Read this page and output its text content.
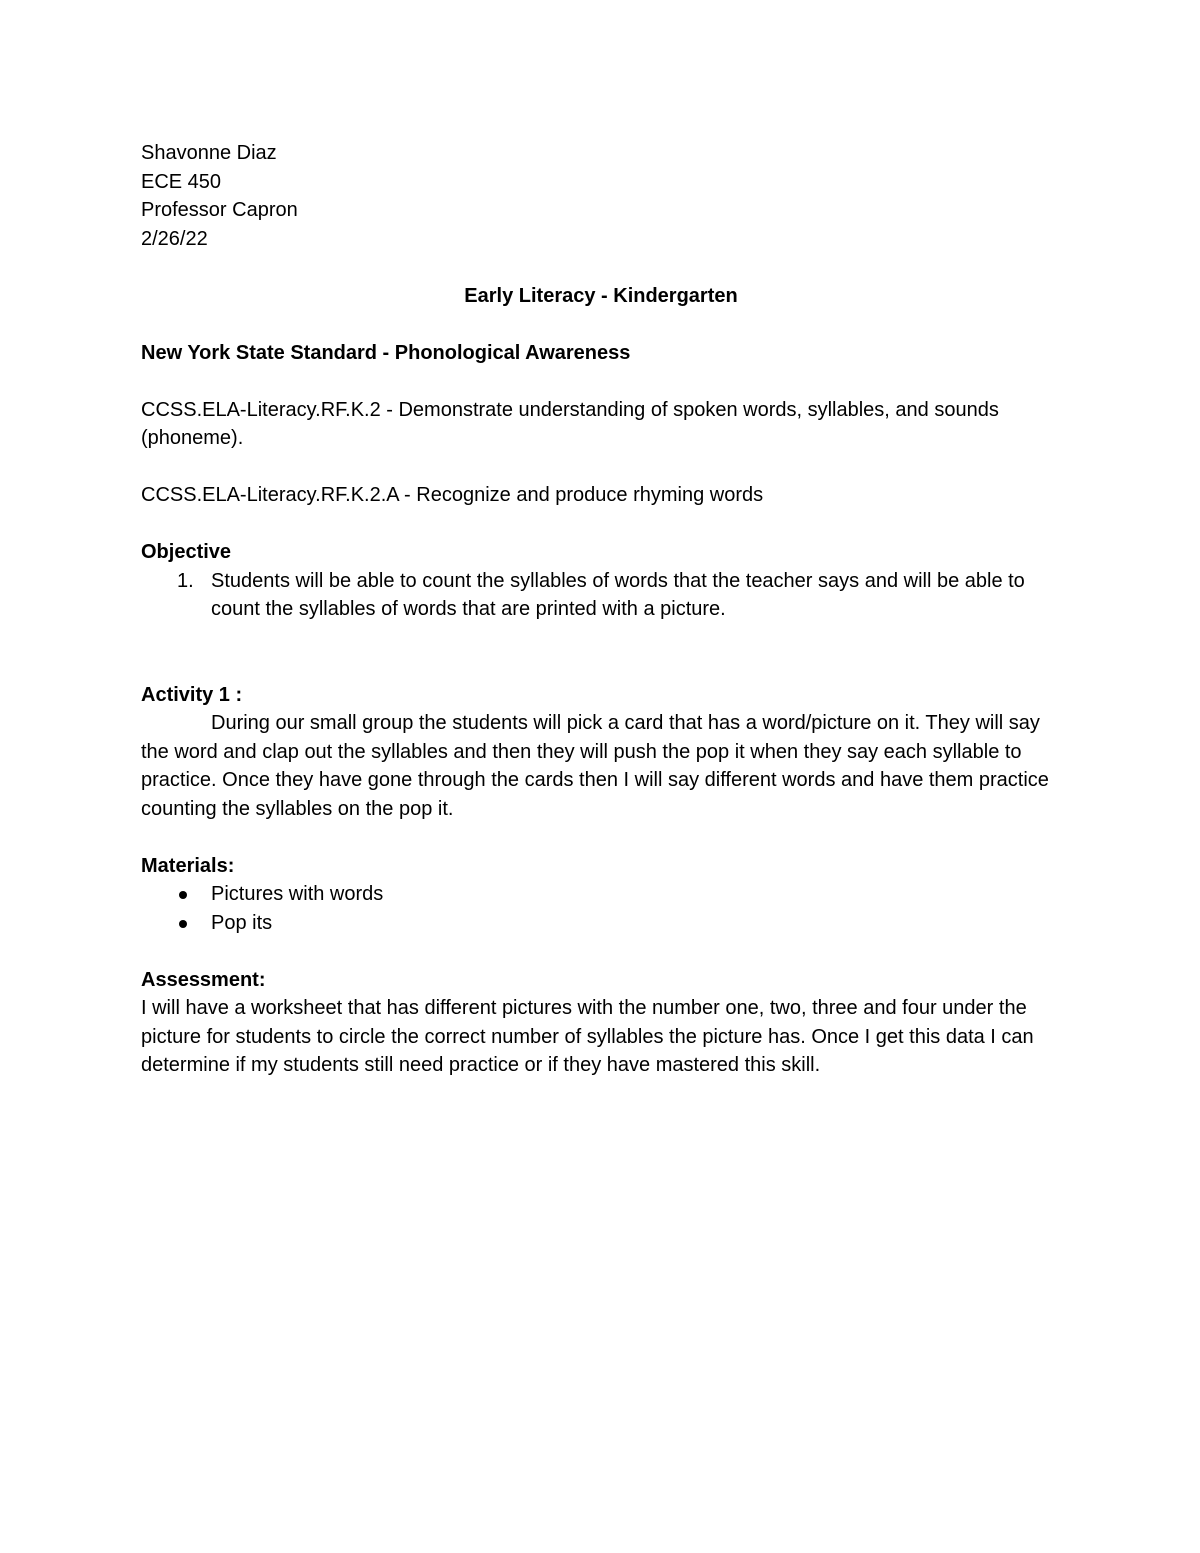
Shavonne Diaz

ECE 450

Professor Capron

2/26/22

Early Literacy - Kindergarten

New York State Standard - Phonological Awareness

CCSS.ELA-Literacy.RF.K.2 - Demonstrate understanding of spoken words, syllables, and sounds (phoneme).

CCSS.ELA-Literacy.RF.K.2.A - Recognize and produce rhyming words

Objective

1. Students will be able to count the syllables of words that the teacher says and will be able to count the syllables of words that are printed with a picture.

Activity 1 :

During our small group the students will pick a card that has a word/picture on it. They will say the word and clap out the syllables and then they will push the pop it when they say each syllable to practice. Once they have gone through the cards then I will say different words and have them practice counting the syllables on the pop it.

Materials:

Pictures with words
Pop its

Assessment:

I will have a worksheet that has different pictures with the number one, two, three and four under the picture for students to circle the correct number of syllables the picture has. Once I get this data I can determine if my students still need practice or if they have mastered this skill.
